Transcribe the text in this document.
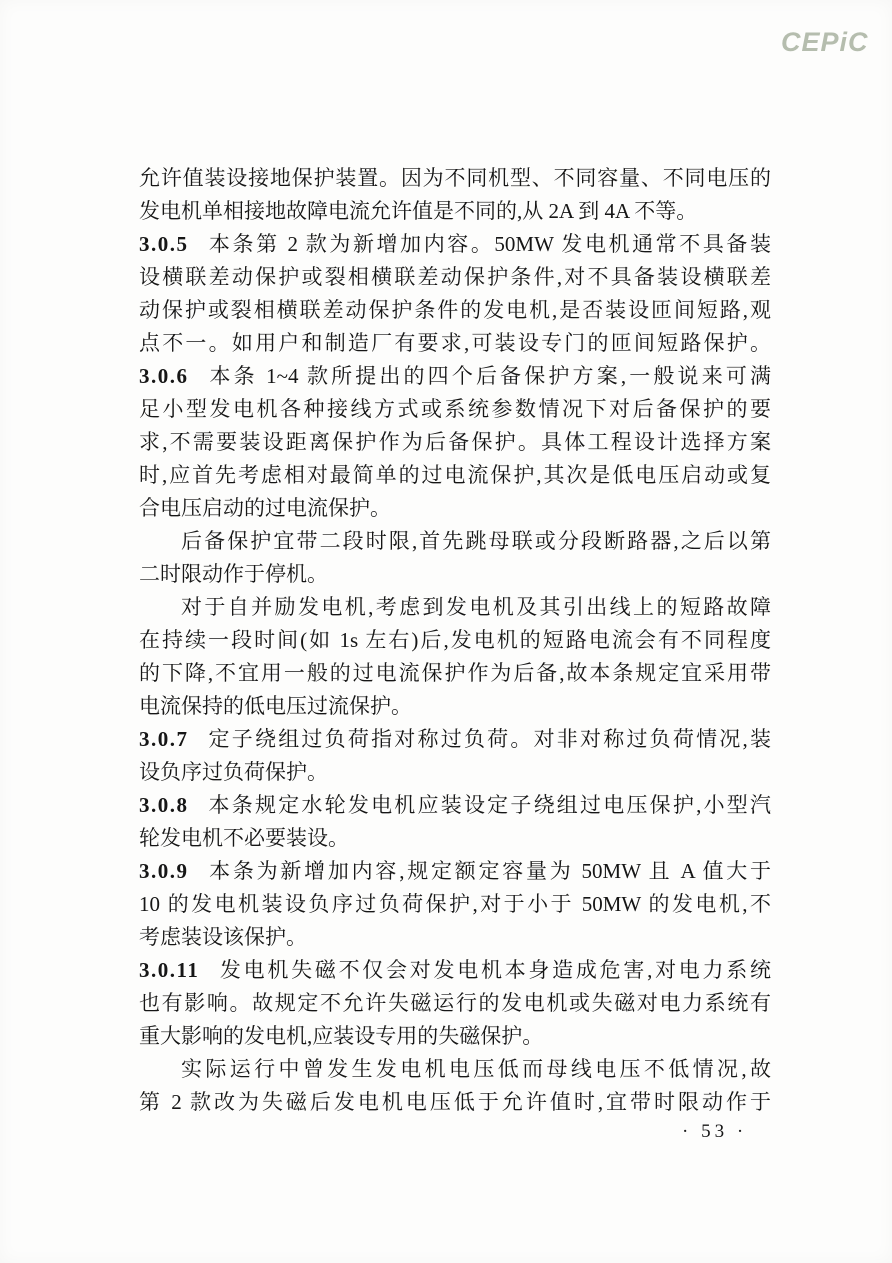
CEPiC
允许值装设接地保护装置。因为不同机型、不同容量、不同电压的
发电机单相接地故障电流允许值是不同的,从 2A 到 4A 不等。
3.0.5 本条第 2 款为新增加内容。50MW 发电机通常不具备装
设横联差动保护或裂相横联差动保护条件,对不具备装设横联差
动保护或裂相横联差动保护条件的发电机,是否装设匝间短路,观
点不一。如用户和制造厂有要求,可装设专门的匝间短路保护。
3.0.6 本条 1~4 款所提出的四个后备保护方案,一般说来可满
足小型发电机各种接线方式或系统参数情况下对后备保护的要
求,不需要装设距离保护作为后备保护。具体工程设计选择方案
时,应首先考虑相对最简单的过电流保护,其次是低电压启动或复
合电压启动的过电流保护。
后备保护宜带二段时限,首先跳母联或分段断路器,之后以第
二时限动作于停机。
对于自并励发电机,考虑到发电机及其引出线上的短路故障
在持续一段时间(如 1s 左右)后,发电机的短路电流会有不同程度
的下降,不宜用一般的过电流保护作为后备,故本条规定宜采用带
电流保持的低电压过流保护。
3.0.7 定子绕组过负荷指对称过负荷。对非对称过负荷情况,装
设负序过负荷保护。
3.0.8 本条规定水轮发电机应装设定子绕组过电压保护,小型汽
轮发电机不必要装设。
3.0.9 本条为新增加内容,规定额定容量为 50MW 且 A 值大于
10 的发电机装设负序过负荷保护,对于小于 50MW 的发电机,不
考虑装设该保护。
3.0.11 发电机失磁不仅会对发电机本身造成危害,对电力系统
也有影响。故规定不允许失磁运行的发电机或失磁对电力系统有
重大影响的发电机,应装设专用的失磁保护。
实际运行中曾发生发电机电压低而母线电压不低情况,故
第 2 款改为失磁后发电机电压低于允许值时,宜带时限动作于
· 53 ·
